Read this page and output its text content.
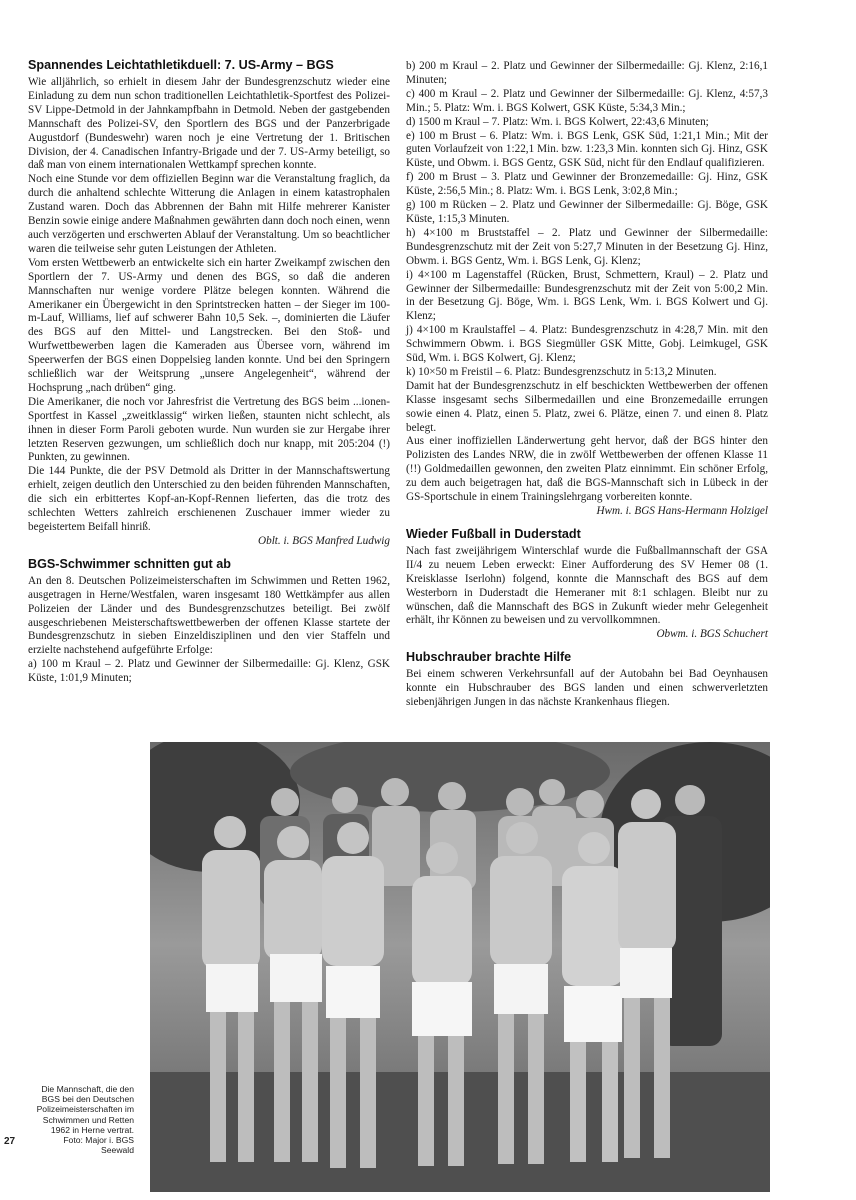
Spannendes Leichtathletikduell: 7. US-Army – BGS

Wie alljährlich, so erhielt in diesem Jahr der Bundesgrenzschutz wieder eine Einladung zu dem nun schon traditionellen Leichtathletik-Sportfest des Polizei-SV Lippe-Detmold in der Jahnkampfbahn in Detmold. Neben der gastgebenden Mannschaft des Polizei-SV, den Sportlern des BGS und der Panzerbrigade Augustdorf (Bundeswehr) waren noch je eine Vertretung der 1. Britischen Division, der 4. Canadischen Infantry-Brigade und der 7. US-Army beteiligt, so daß man von einem internationalen Wettkampf sprechen konnte.

Noch eine Stunde vor dem offiziellen Beginn war die Veranstaltung fraglich, da durch die anhaltend schlechte Witterung die Anlagen in einem katastrophalen Zustand waren. Doch das Abbrennen der Bahn mit Hilfe mehrerer Kanister Benzin sowie einige andere Maßnahmen gewährten dann doch noch einen, wenn auch verzögerten und erschwerten Ablauf der Veranstaltung. Um so beachtlicher waren die teilweise sehr guten Leistungen der Athleten.

Vom ersten Wettbewerb an entwickelte sich ein harter Zweikampf zwischen den Sportlern der 7. US-Army und denen des BGS, so daß die anderen Mannschaften nur wenige vordere Plätze belegen konnten. Während die Amerikaner ein Übergewicht in den Sprintstrecken hatten – der Sieger im 100-m-Lauf, Williams, lief auf schwerer Bahn 10,5 Sek. –, dominierten die Läufer des BGS auf den Mittel- und Langstrecken. Bei den Stoß- und Wurfwettbewerben lagen die Kameraden aus Übersee vorn, während im Speerwerfen der BGS einen Doppelsieg landen konnte. Und bei den Springern schließlich war der Weitsprung „unsere Angelegenheit“, während der Hochsprung „nach drüben“ ging.

Die Amerikaner, die noch vor Jahresfrist die Vertretung des BGS beim ...ionen-Sportfest in Kassel „zweitklassig“ wirken ließen, staunten nicht schlecht, als ihnen in dieser Form Paroli geboten wurde. Nun wurden sie zur Hergabe ihrer letzten Reserven gezwungen, um schließlich doch nur knapp, mit 205:204 (!) Punkten, zu gewinnen.

Die 144 Punkte, die der PSV Detmold als Dritter in der Mannschaftswertung erhielt, zeigen deutlich den Unterschied zu den beiden führenden Mannschaften, die sich ein erbittertes Kopf-an-Kopf-Rennen lieferten, das die trotz des schlechten Wetters zahlreich erschienenen Zuschauer immer wieder zu begeistertem Beifall hinriß.

Oblt. i. BGS Manfred Ludwig

BGS-Schwimmer schnitten gut ab

An den 8. Deutschen Polizeimeisterschaften im Schwimmen und Retten 1962, ausgetragen in Herne/Westfalen, waren insgesamt 180 Wettkämpfer aus allen Polizeien der Länder und des Bundesgrenzschutzes beteiligt. Bei zwölf ausgeschriebenen Meisterschaftswettbewerben der offenen Klasse startete der Bundesgrenzschutz in sieben Einzeldisziplinen und den vier Staffeln und erzielte nachstehend aufgeführte Erfolge:

a) 100 m Kraul – 2. Platz und Gewinner der Silbermedaille: Gj. Klenz, GSK Küste, 1:01,9 Minuten;

b) 200 m Kraul – 2. Platz und Gewinner der Silbermedaille: Gj. Klenz, 2:16,1 Minuten;

c) 400 m Kraul – 2. Platz und Gewinner der Silbermedaille: Gj. Klenz, 4:57,3 Min.; 5. Platz: Wm. i. BGS Kolwert, GSK Küste, 5:34,3 Min.;

d) 1500 m Kraul – 7. Platz: Wm. i. BGS Kolwert, 22:43,6 Minuten;

e) 100 m Brust – 6. Platz: Wm. i. BGS Lenk, GSK Süd, 1:21,1 Min.; Mit der guten Vorlaufzeit von 1:22,1 Min. bzw. 1:23,3 Min. konnten sich Gj. Hinz, GSK Küste, und Obwm. i. BGS Gentz, GSK Süd, nicht für den Endlauf qualifizieren.

f) 200 m Brust – 3. Platz und Gewinner der Bronzemedaille: Gj. Hinz, GSK Küste, 2:56,5 Min.; 8. Platz: Wm. i. BGS Lenk, 3:02,8 Min.;

g) 100 m Rücken – 2. Platz und Gewinner der Silbermedaille: Gj. Böge, GSK Küste, 1:15,3 Minuten.

h) 4×100 m Bruststaffel – 2. Platz und Gewinner der Silbermedaille: Bundesgrenzschutz mit der Zeit von 5:27,7 Minuten in der Besetzung Gj. Hinz, Obwm. i. BGS Gentz, Wm. i. BGS Lenk, Gj. Klenz;

i) 4×100 m Lagenstaffel (Rücken, Brust, Schmettern, Kraul) – 2. Platz und Gewinner der Silbermedaille: Bundesgrenzschutz mit der Zeit von 5:00,2 Min. in der Besetzung Gj. Böge, Wm. i. BGS Lenk, Wm. i. BGS Kolwert und Gj. Klenz;

j) 4×100 m Kraulstaffel – 4. Platz: Bundesgrenzschutz in 4:28,7 Min. mit den Schwimmern Obwm. i. BGS Siegmüller GSK Mitte, Gobj. Leimkugel, GSK Süd, Wm. i. BGS Kolwert, Gj. Klenz;

k) 10×50 m Freistil – 6. Platz: Bundesgrenzschutz in 5:13,2 Minuten.

Damit hat der Bundesgrenzschutz in elf beschickten Wettbewerben der offenen Klasse insgesamt sechs Silbermedaillen und eine Bronzemedaille errungen sowie einen 4. Platz, einen 5. Platz, zwei 6. Plätze, einen 7. und einen 8. Platz belegt.

Aus einer inoffiziellen Länderwertung geht hervor, daß der BGS hinter den Polizisten des Landes NRW, die in zwölf Wettbewerben der offenen Klasse 11 (!!) Goldmedaillen gewonnen, den zweiten Platz einnimmt. Ein schöner Erfolg, zu dem auch beigetragen hat, daß die BGS-Mannschaft sich in Lübeck in der GS-Sportschule in einem Trainingslehrgang vorbereiten konnte.

Hwm. i. BGS Hans-Hermann Holzigel

Wieder Fußball in Duderstadt

Nach fast zweijährigem Winterschlaf wurde die Fußballmannschaft der GSA II/4 zu neuem Leben erweckt: Einer Aufforderung des SV Hemer 08 (1. Kreisklasse Iserlohn) folgend, konnte die Mannschaft des BGS auf dem Westerborn in Duderstadt die Hemeraner mit 8:1 schlagen. Bleibt nur zu wünschen, daß die Mannschaft des BGS in Zukunft wieder mehr Gelegenheit erhält, ihr Können zu beweisen und zu vervollkommnen.

Obwm. i. BGS Schuchert

Hubschrauber brachte Hilfe

Bei einem schweren Verkehrsunfall auf der Autobahn bei Bad Oeynhausen konnte ein Hubschrauber des BGS landen und einen schwerverletzten siebenjährigen Jungen in das nächste Krankenhaus fliegen.

Die Mannschaft, die den
BGS bei den Deutschen
Polizeimeisterschaften im
Schwimmen und Retten
1962 in Herne vertrat.
Foto: Major i. BGS
Seewald
27
